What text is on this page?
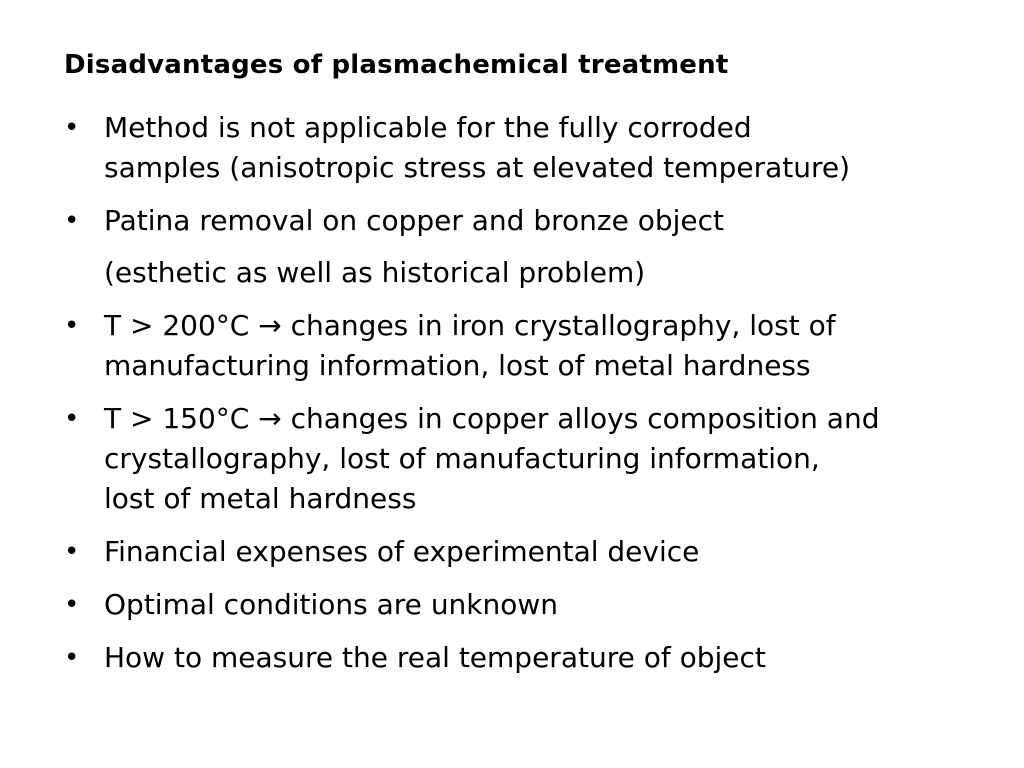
Disadvantages of plasmachemical treatment
• Method is not applicable for the fully corroded
samples (anisotropic stress at elevated temperature)
• Patina removal on copper and bronze object
(esthetic as well as historical problem)
• T > 200°C → changes in iron crystallography, lost of
manufacturing information, lost of metal hardness
• T > 150°C → changes in copper alloys composition and
crystallography, lost of manufacturing information,
lost of metal hardness
• Financial expenses of experimental device
• Optimal conditions are unknown
• How to measure the real temperature of object
